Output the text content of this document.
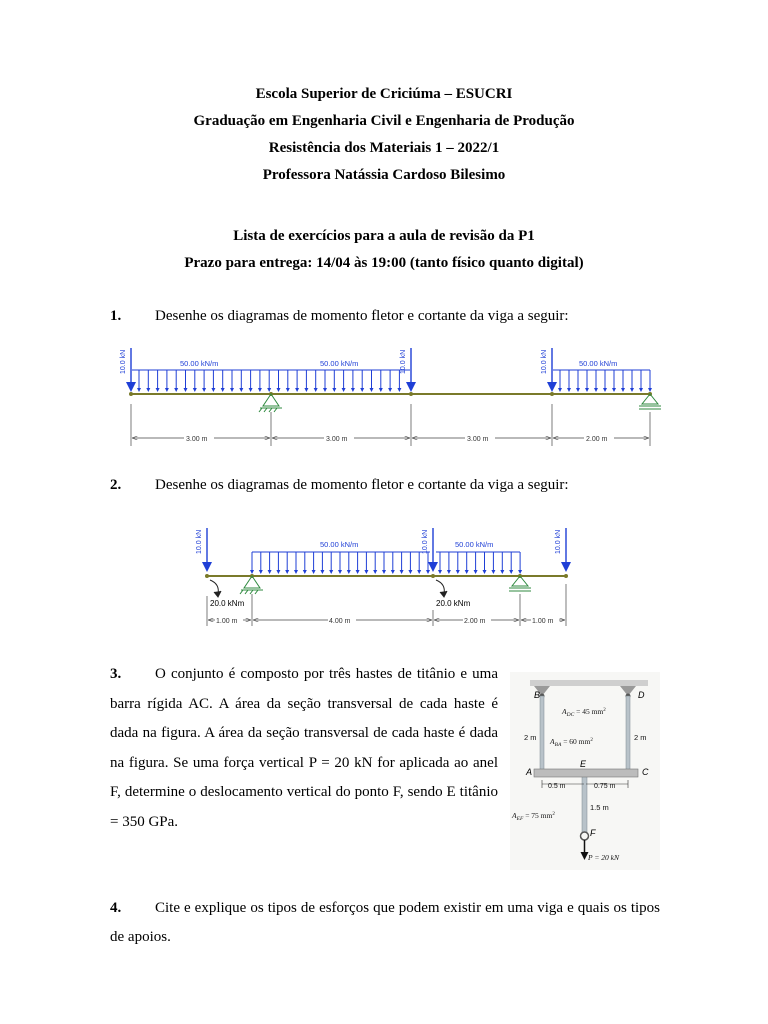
Escola Superior de Criciúma – ESUCRI
Graduação em Engenharia Civil e Engenharia de Produção
Resistência dos Materiais 1 – 2022/1
Professora Natássia Cardoso Bilesimo
Lista de exercícios para a aula de revisão da P1
Prazo para entrega: 14/04 às 19:00 (tanto físico quanto digital)
1. Desenhe os diagramas de momento fletor e cortante da viga a seguir:
10.0 kN	10.0 kN	10.0 kN
50.00 kN/m	50.00 kN/m	50.00 kN/m
3.00 m	3.00 m	3.00 m	2.00 m
2. Desenhe os diagramas de momento fletor e cortante da viga a seguir:
10.0 kN	10.0 kN	10.0 kN
50.00 kN/m	50.00 kN/m
20.0 kNm	20.0 kNm
1.00 m	4.00 m	2.00 m	1.00 m
3.	O conjunto é composto por três hastes de titânio e uma barra rígida AC. A área da seção transversal de cada haste é dada na figura. A área da seção transversal de cada haste é dada na figura. Se uma força vertical P = 20 kN for aplicada ao anel F, determine o deslocamento vertical do ponto F, sendo E titânio = 350 GPa.
B	D
A	C
E
F
$A_{DC} = 45$ $mm^2$
$A_{BA} = 60$ $mm^2$
$A_{EF} = 75$ $mm^2$
2 m	2 m
1.5 m
P = 20 kN
0.5 m	0.75 m
4.	Cite e explique os tipos de esforços que podem existir em uma viga e quais os tipos de apoios.
